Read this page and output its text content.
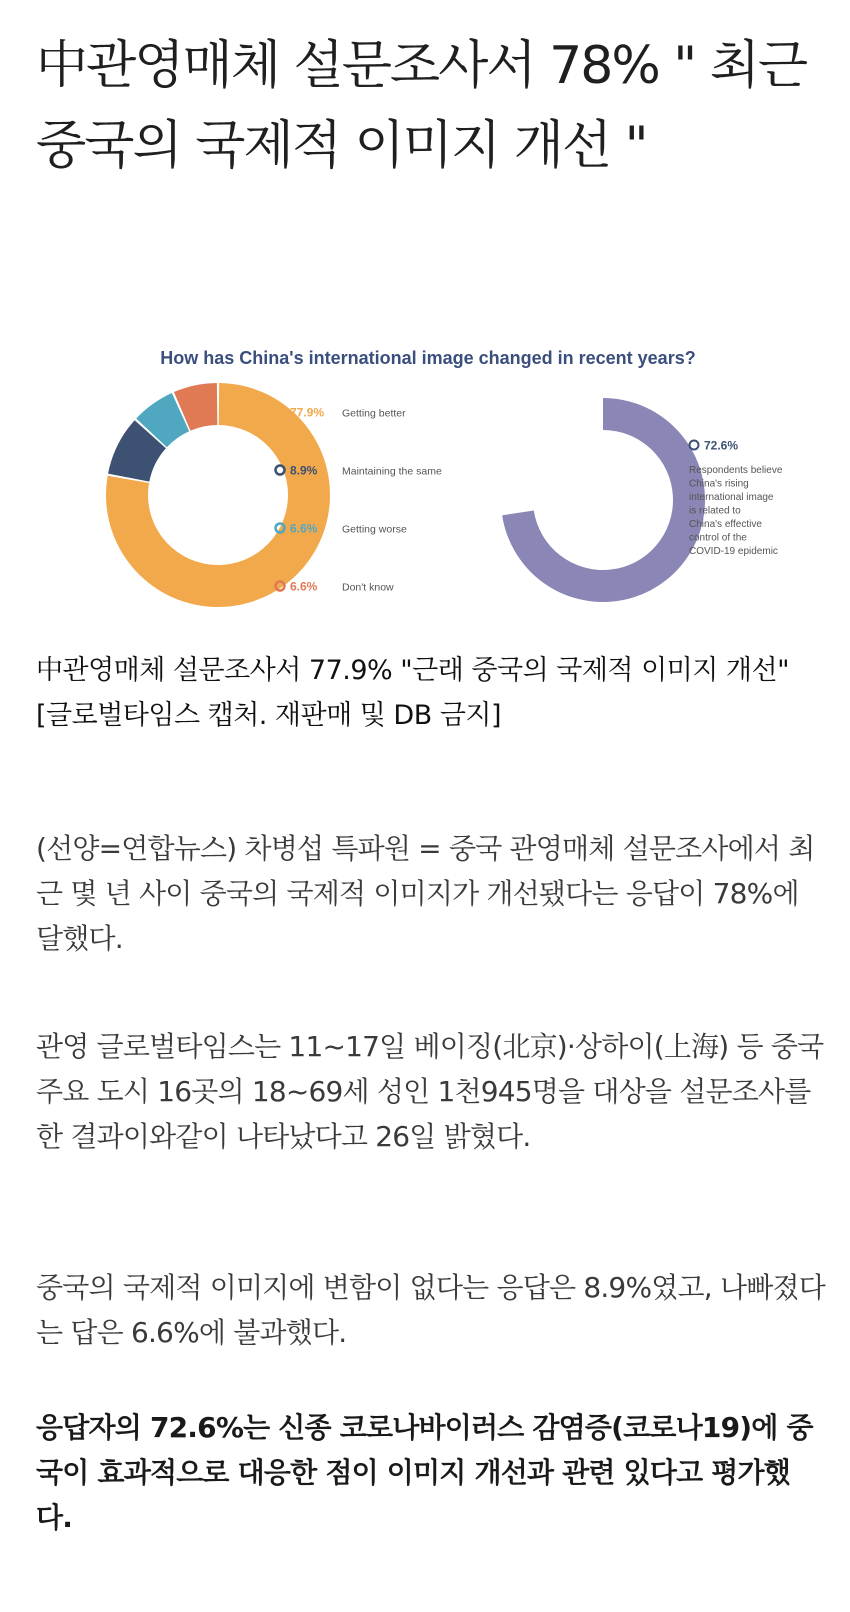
中관영매체 설문조사서 78% " 최근 중국의 국제적 이미지 개선 "
How has China's international image changed in recent years?
77.9% Getting better
8.9% Maintaining the same
6.6% Getting worse
6.6% Don't know
72.6%
Respondents believe China's rising international image is related to China's effective control of the COVID-19 epidemic

中관영매체 설문조사서 77.9% "근래 중국의 국제적 이미지 개선" [글로벌타임스 캡처. 재판매 및 DB 금지]

(선양=연합뉴스) 차병섭 특파원 = 중국 관영매체 설문조사에서 최근 몇 년 사이 중국의 국제적 이미지가 개선됐다는 응답이 78%에 달했다.

관영 글로벌타임스는 11~17일 베이징(北京)·상하이(上海) 등 중국 주요 도시 16곳의 18~69세 성인 1천945명을 대상을 설문조사를 한 결과이와같이 나타났다고 26일 밝혔다.

중국의 국제적 이미지에 변함이 없다는 응답은 8.9%였고, 나빠졌다는 답은 6.6%에 불과했다.

응답자의 72.6%는 신종 코로나바이러스 감염증(코로나19)에 중국이 효과적으로 대응한 점이 이미지 개선과 관련 있다고 평가했다.
